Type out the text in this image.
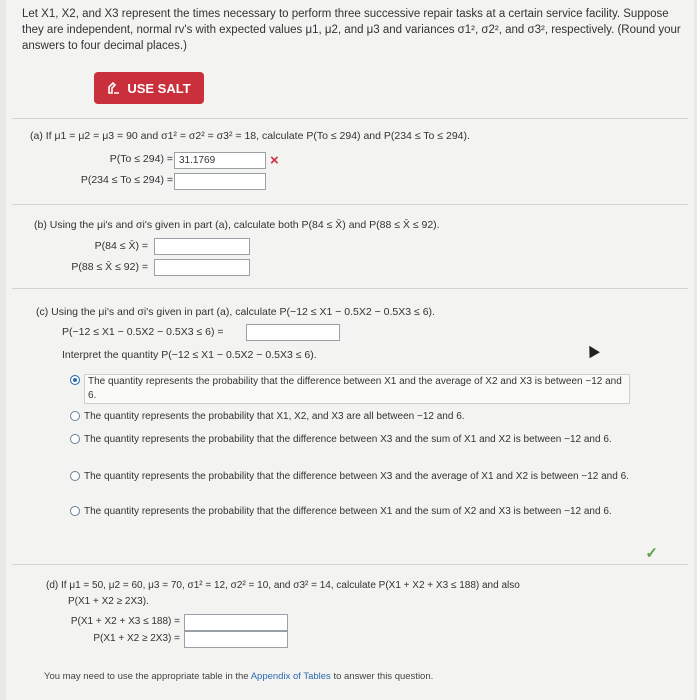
Let X1, X2, and X3 represent the times necessary to perform three successive repair tasks at a certain service facility. Suppose they are independent, normal rv's with expected values μ1, μ2, and μ3 and variances σ1², σ2², and σ3², respectively. (Round your answers to four decimal places.)
USE SALT
(a) If μ1 = μ2 = μ3 = 90 and σ1² = σ2² = σ3² = 18, calculate P(To ≤ 294) and P(234 ≤ To ≤ 294).
P(To ≤ 294) = 31.1769	×
P(234 ≤ To ≤ 294) =
(b) Using the μi's and σi's given in part (a), calculate both P(84 ≤ X̄) and P(88 ≤ X̄ ≤ 92).
P(84 ≤ X̄) =
P(88 ≤ X̄ ≤ 92) =
(c) Using the μi's and σi's given in part (a), calculate P(−12 ≤ X1 − 0.5X2 − 0.5X3 ≤ 6).
P(−12 ≤ X1 − 0.5X2 − 0.5X3 ≤ 6) =
Interpret the quantity P(−12 ≤ X1 − 0.5X2 − 0.5X3 ≤ 6).
The quantity represents the probability that the difference between X1 and the average of X2 and X3 is between −12 and 6.
The quantity represents the probability that X1, X2, and X3 are all between −12 and 6.
The quantity represents the probability that the difference between X3 and the sum of X1 and X2 is between −12 and 6.
The quantity represents the probability that the difference between X3 and the average of X1 and X2 is between −12 and 6.
The quantity represents the probability that the difference between X1 and the sum of X2 and X3 is between −12 and 6.
✓
(d) If μ1 = 50, μ2 = 60, μ3 = 70, σ1² = 12, σ2² = 10, and σ3² = 14, calculate P(X1 + X2 + X3 ≤ 188) and also
P(X1 + X2 ≥ 2X3).
P(X1 + X2 + X3 ≤ 188) =
P(X1 + X2 ≥ 2X3) =
You may need to use the appropriate table in the Appendix of Tables to answer this question.
